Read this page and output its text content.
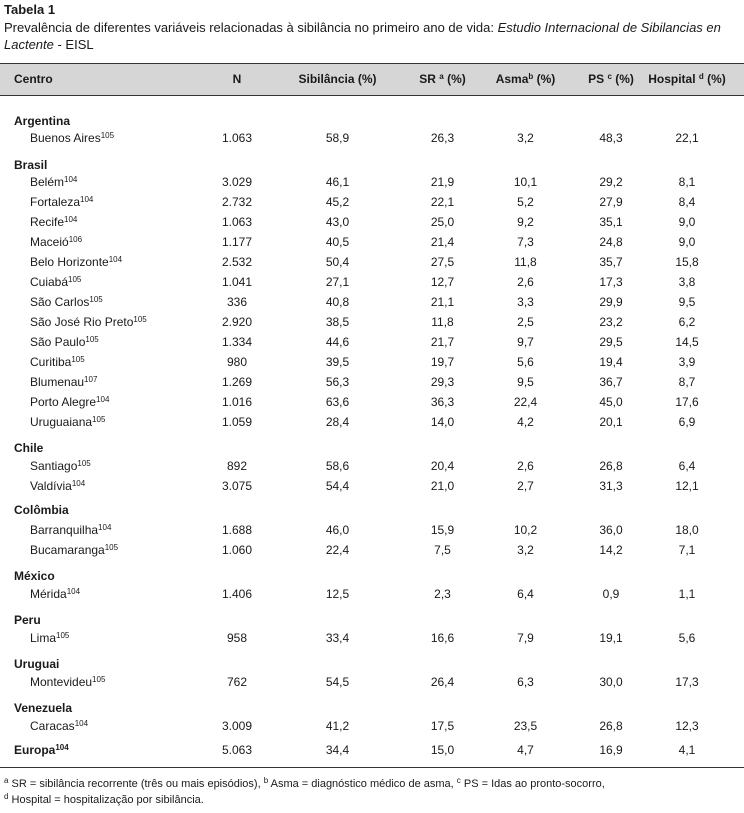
Tabela 1
Prevalência de diferentes variáveis relacionadas à sibilância no primeiro ano de vida: Estudio Internacional de Sibilancias en Lactente - EISL
Centro	N	Sibilância (%)	SR $^a$ (%)	Asma$^b$ (%)	PS $^c$ (%)	Hospital $^d$ (%)
Argentina
Buenos Aires$^{105}$	1.063	58,9	26,3	3,2	48,3	22,1
Brasil
Belém$^{104}$	3.029	46,1	21,9	10,1	29,2	8,1
Fortaleza$^{104}$	2.732	45,2	22,1	5,2	27,9	8,4
Recife$^{104}$	1.063	43,0	25,0	9,2	35,1	9,0
Maceió$^{106}$	1.177	40,5	21,4	7,3	24,8	9,0
Belo Horizonte$^{104}$	2.532	50,4	27,5	11,8	35,7	15,8
Cuiabá$^{105}$	1.041	27,1	12,7	2,6	17,3	3,8
São Carlos$^{105}$	336	40,8	21,1	3,3	29,9	9,5
São José Rio Preto$^{105}$	2.920	38,5	11,8	2,5	23,2	6,2
São Paulo$^{105}$	1.334	44,6	21,7	9,7	29,5	14,5
Curitiba$^{105}$	980	39,5	19,7	5,6	19,4	3,9
Blumenau$^{107}$	1.269	56,3	29,3	9,5	36,7	8,7
Porto Alegre$^{104}$	1.016	63,6	36,3	22,4	45,0	17,6
Uruguaiana$^{105}$	1.059	28,4	14,0	4,2	20,1	6,9
Chile
Santiago$^{105}$	892	58,6	20,4	2,6	26,8	6,4
Valdívia$^{104}$	3.075	54,4	21,0	2,7	31,3	12,1
Colômbia
Barranquilha$^{104}$	1.688	46,0	15,9	10,2	36,0	18,0
Bucamaranga$^{105}$	1.060	22,4	7,5	3,2	14,2	7,1
México
Mérida$^{104}$	1.406	12,5	2,3	6,4	0,9	1,1
Peru
Lima$^{105}$	958	33,4	16,6	7,9	19,1	5,6
Uruguai
Montevideu$^{105}$	762	54,5	26,4	6,3	30,0	17,3
Venezuela
Caracas$^{104}$	3.009	41,2	17,5	23,5	26,8	12,3
Europa$^{104}$	5.063	34,4	15,0	4,7	16,9	4,1
$^a$ SR = sibilância recorrente (três ou mais episódios), $^b$ Asma = diagnóstico médico de asma, $^c$ PS = Idas ao pronto-socorro,
$^d$ Hospital = hospitalização por sibilância.
